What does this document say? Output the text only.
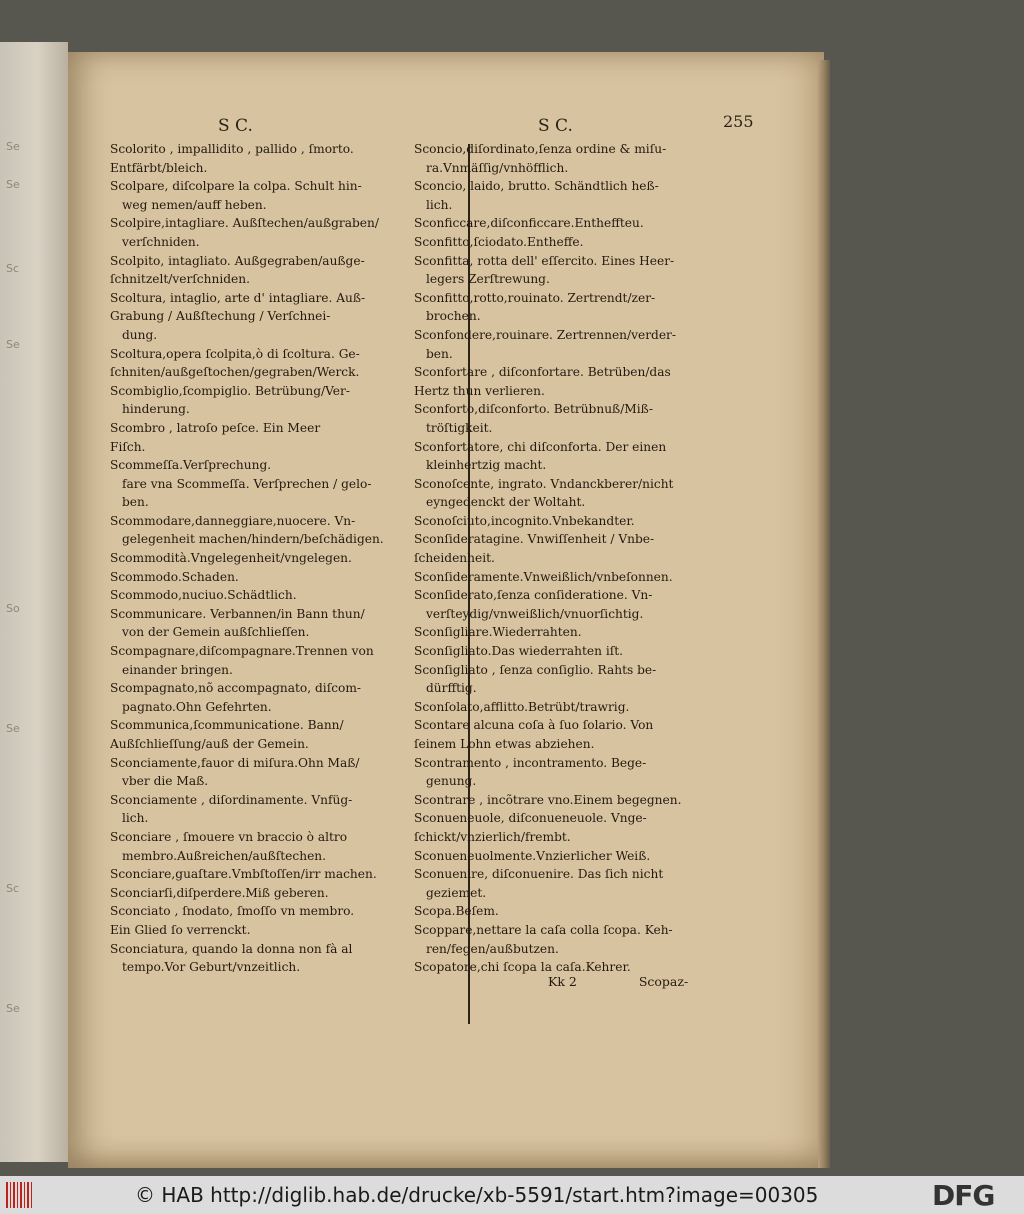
Se
Se
Sc
Se
So
Se
Sc
Se
S C.	S C.	255
Scolorito , impallidito , pallido , ſmorto.
Entfärbt/bleich.
Scolpare, diſcolpare la colpa. Schult hin-
weg nemen/auff heben.
Scolpire,intagliare. Außſtechen/außgraben/
verſchniden.
Scolpito, intagliato. Außgegraben/außge-
ſchnitzelt/verſchniden.
Scoltura, intaglio, arte d' intagliare. Auß-
Grabung / Außſtechung / Verſchnei-
dung.
Scoltura,opera ſcolpita,ò di ſcoltura. Ge-
ſchniten/außgeſtochen/gegraben/Werck.
Scombiglio,ſcompiglio. Betrübung/Ver-
hinderung.
Scombro , latroſo peſce. Ein Meer
Fiſch.
Scommeſſa.Verſprechung.
fare vna Scommeſſa. Verſprechen / gelo-
ben.
Scommodare,danneggiare,nuocere. Vn-
gelegenheit machen/hindern/beſchädigen.
Scommodità.Vngelegenheit/vngelegen.
Scommodo.Schaden.
Scommodo,nuciuo.Schädtlich.
Scommunicare. Verbannen/in Bann thun/
von der Gemein außſchlieſſen.
Scompagnare,diſcompagnare.Trennen von
einander bringen.
Scompagnato,nõ accompagnato, diſcom-
pagnato.Ohn Gefehrten.
Scommunica,ſcommunicatione. Bann/
Außſchlieſſung/auß der Gemein.
Sconciamente,fauor di miſura.Ohn Maß/
vber die Maß.
Sconciamente , diſordinamente. Vnfüg-
lich.
Sconciare , ſmouere vn braccio ò altro
membro.Außreichen/außſtechen.
Sconciare,guaſtare.Vmbſtoſſen/irr machen.
Sconciarſi,diſperdere.Miß geberen.
Sconciato , ſnodato, ſmoſſo vn membro.
Ein Glied ſo verrenckt.
Sconciatura, quando la donna non fà al
tempo.Vor Geburt/vnzeitlich.
Sconcio,diſordinato,ſenza ordine & miſu-
ra.Vnmäſſig/vnhöfflich.
Sconcio, laido, brutto. Schändtlich heß-
lich.
Sconficcare,diſconficcare.Entheffteu.
Sconfitto,ſciodato.Entheffe.
Sconfitta, rotta dell' eſſercito. Eines Heer-
legers Zerſtrewung.
Sconfitto,rotto,rouinato. Zertrendt/zer-
brochen.
Sconfondere,rouinare. Zertrennen/verder-
ben.
Sconfortare , diſconfortare. Betrüben/das
Hertz thun verlieren.
Sconforto,diſconforto. Betrübnuß/Miß-
tröſtigkeit.
Sconfortatore, chi diſconforta. Der einen
kleinhertzig macht.
Sconoſcente, ingrato. Vndanckberer/nicht
eyngedenckt der Woltaht.
Sconoſciuto,incognito.Vnbekandter.
Sconſideratagine. Vnwiſſenheit / Vnbe-
ſcheidenheit.
Sconſideramente.Vnweißlich/vnbeſonnen.
Sconſiderato,ſenza conſideratione. Vn-
verſteydig/vnweißlich/vnuorſichtig.
Sconſigliare.Wiederrahten.
Sconſigliato.Das wiederrahten iſt.
Sconſigliato , ſenza conſiglio. Rahts be-
dürfftig.
Sconſolato,afflitto.Betrübt/trawrig.
Scontare alcuna coſa à ſuo ſolario. Von
ſeinem Lohn etwas abziehen.
Scontramento , incontramento. Bege-
genung.
Scontrare , incõtrare vno.Einem begegnen.
Sconueneuole, diſconueneuole. Vnge-
ſchickt/vnzierlich/frembt.
Sconueneuolmente.Vnzierlicher Weiß.
Sconuenire, diſconuenire. Das ſich nicht
geziemet.
Scopa.Beſem.
Scoppare,nettare la caſa colla ſcopa. Keh-
ren/fegen/außbutzen.
Scopatore,chi ſcopa la caſa.Kehrer.
Kk 2	Scopaz-
© HAB http://diglib.hab.de/drucke/xb-5591/start.htm?image=00305	DFG
